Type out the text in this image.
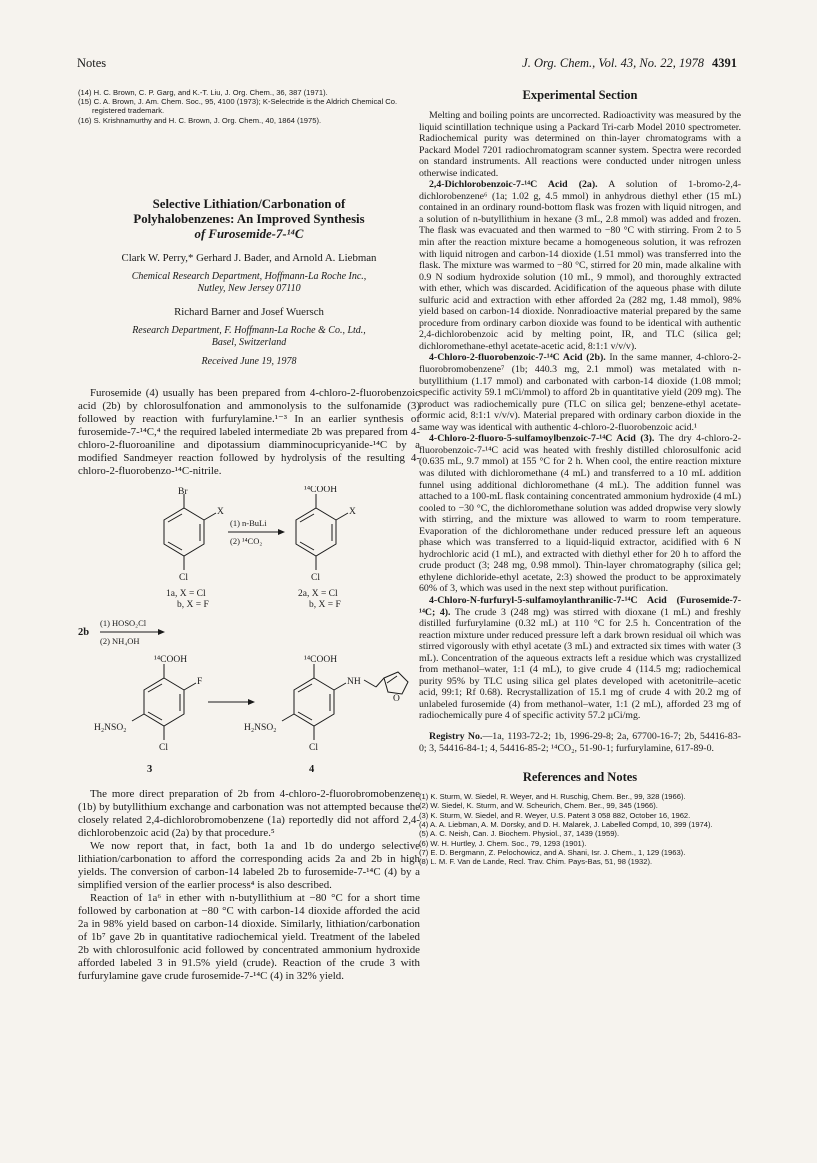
Notes	J. Org. Chem., Vol. 43, No. 22, 1978 4391
(14) H. C. Brown, C. P. Garg, and K.-T. Liu, J. Org. Chem., 36, 387 (1971).
(15) C. A. Brown, J. Am. Chem. Soc., 95, 4100 (1973); K-Selectride is the Aldrich Chemical Co. registered trademark.
(16) S. Krishnamurthy and H. C. Brown, J. Org. Chem., 40, 1864 (1975).
Selective Lithiation/Carbonation of
Polyhalobenzenes: An Improved Synthesis
of Furosemide-7-¹⁴C
Clark W. Perry,* Gerhard J. Bader, and Arnold A. Liebman
Chemical Research Department, Hoffmann-La Roche Inc.,
Nutley, New Jersey 07110
Richard Barner and Josef Wuersch
Research Department, F. Hoffmann-La Roche & Co., Ltd.,
Basel, Switzerland
Received June 19, 1978

Furosemide (4) usually has been prepared from 4-chloro-2-fluorobenzoic acid (2b) by chlorosulfonation and ammonolysis to the sulfonamide (3) followed by reaction with furfurylamine.¹⁻³ In an earlier synthesis of furosemide-7-¹⁴C,⁴ the required labeled intermediate 2b was prepared from 4-chloro-2-fluoroaniline and dipotassium diamminocupricyanide-¹⁴C by a modified Sandmeyer reaction followed by hydrolysis of the resulting 4-chloro-2-fluorobenzo-¹⁴C-nitrile.

Br
X
Cl
1a, X = Cl
b, X = F
(1) n-BuLi
(2) ¹⁴CO₂
¹⁴COOH
X
Cl
2a, X = Cl
b, X = F
2b
(1) HOSO₂Cl
(2) NH₄OH
¹⁴COOH
F
H₂NSO₂
Cl
3
¹⁴COOH
NH
O
H₂NSO₂
Cl
4

The more direct preparation of 2b from 4-chloro-2-fluorobromobenzene (1b) by butyllithium exchange and carbonation was not attempted because the closely related 2,4-dichlorobromobenzene (1a) reportedly did not afford 2,4-dichlorobenzoic acid (2a) by that procedure.⁵

We now report that, in fact, both 1a and 1b do undergo selective lithiation/carbonation to afford the corresponding acids 2a and 2b in high yields. The conversion of carbon-14 labeled 2b to furosemide-7-¹⁴C (4) by a simplified version of the earlier process⁴ is also described.

Reaction of 1a⁶ in ether with n-butyllithium at −80 °C for a short time followed by carbonation at −80 °C with carbon-14 dioxide afforded the acid 2a in 98% yield based on carbon-14 dioxide. Similarly, lithiation/carbonation of 1b⁷ gave 2b in quantitative radiochemical yield. Treatment of the labeled 2b with chlorosulfonic acid followed by concentrated ammonium hydroxide afforded labeled 3 in 91.5% yield (crude). Reaction of the crude 3 with furfurylamine gave crude furosemide-7-¹⁴C (4) in 32% yield.

Experimental Section

Melting and boiling points are uncorrected. Radioactivity was measured by the liquid scintillation technique using a Packard Tri-carb Model 2010 spectrometer. Radiochemical purity was determined on thin-layer chromatograms with a Packard Model 7201 radiochromatogram scanner system. Spectra were recorded on standard instruments. All reactions were conducted under nitrogen unless otherwise indicated.

2,4-Dichlorobenzoic-7-¹⁴C Acid (2a). A solution of 1-bromo-2,4-dichlorobenzene⁶ (1a; 1.02 g, 4.5 mmol) in anhydrous diethyl ether (15 mL) contained in an ordinary round-bottom flask was frozen with liquid nitrogen, and a solution of n-butyllithium in hexane (3 mL, 2.8 mmol) was added and frozen. The flask was evacuated and then warmed to −80 °C with stirring. From 2 to 5 min after the reaction mixture became a homogeneous solution, it was refrozen with liquid nitrogen and carbon-14 dioxide (1.51 mmol) was transferred into the flask. The mixture was warmed to −80 °C, stirred for 20 min, made alkaline with 0.9 N sodium hydroxide solution (10 mL, 9 mmol), and thoroughly extracted with ether, which was discarded. Acidification of the aqueous phase with dilute sulfuric acid and extraction with ether afforded 2a (282 mg, 1.48 mmol), 98% yield based on carbon-14 dioxide. Nonradioactive material prepared by the same procedure from ordinary carbon dioxide was found to be identical with authentic 2,4-dichlorobenzoic acid by melting point, IR, and TLC (silica gel; dichloromethane-ethyl acetate-acetic acid, 8:1:1 v/v/v).

4-Chloro-2-fluorobenzoic-7-¹⁴C Acid (2b). In the same manner, 4-chloro-2-fluorobromobenzene⁷ (1b; 440.3 mg, 2.1 mmol) was metalated with n-butyllithium (1.17 mmol) and carbonated with carbon-14 dioxide (1.08 mmol; specific activity 59.1 mCi/mmol) to afford 2b in quantitative yield (209 mg). The product was radiochemically pure (TLC on silica gel; benzene-ethyl acetate-formic acid, 8:1:1 v/v/v). Material prepared with ordinary carbon dioxide in the same way was identical with authentic 4-chloro-2-fluorobenzoic acid.¹

4-Chloro-2-fluoro-5-sulfamoylbenzoic-7-¹⁴C Acid (3). The dry 4-chloro-2-fluorobenzoic-7-¹⁴C acid was heated with freshly distilled chlorosulfonic acid (0.635 mL, 9.7 mmol) at 155 °C for 2 h. When cool, the entire reaction mixture was diluted with dichloromethane (4 mL) and transferred to a 10 mL addition funnel using additional dichloromethane (4 mL). The addition funnel was attached to a 100-mL flask containing concentrated ammonium hydroxide (4 mL) cooled to −30 °C, the dichloromethane solution was added dropwise very slowly with stirring, and the mixture was allowed to warm to room temperature. Evaporation of the dichloromethane under reduced pressure left an aqueous phase which was transferred to a liquid-liquid extractor, acidified with 6 N hydrochloric acid (1 mL), and extracted with diethyl ether for 20 h to afford the crude product (3; 248 mg, 0.98 mmol). Thin-layer chromatography (silica gel; ethylene dichloride-ethyl acetate, 2:3) showed the product to be approximately 60% of 3, which was used in the next step without purification.

4-Chloro-N-furfuryl-5-sulfamoylanthranilic-7-¹⁴C Acid (Furosemide-7-¹⁴C; 4). The crude 3 (248 mg) was stirred with dioxane (1 mL) and freshly distilled furfurylamine (0.32 mL) at 110 °C for 2.5 h. Concentration of the reaction mixture under reduced pressure left a dark brown residual oil which was stirred vigorously with ethyl acetate (3 mL) and extracted six times with water (3 mL). Concentration of the aqueous extracts left a residue which was crystallized from methanol–water, 1:1 (4 mL), to give crude 4 (114.5 mg; radiochemical purity 95% by TLC using silica gel plates developed with acetonitrile–acetic acid, 99:1; Rf 0.68). Recrystallization of 15.1 mg of crude 4 with 20.2 mg of unlabeled furosemide (4) from methanol–water, 1:1 (2 mL), afforded 23 mg of radiochemically pure 4 of specific activity 57.2 µCi/mg.

Registry No.—1a, 1193-72-2; 1b, 1996-29-8; 2a, 67700-16-7; 2b, 54416-83-0; 3, 54416-84-1; 4, 54416-85-2; ¹⁴CO₂, 51-90-1; furfurylamine, 617-89-0.

References and Notes
(1) K. Sturm, W. Siedel, R. Weyer, and H. Ruschig, Chem. Ber., 99, 328 (1966).
(2) W. Siedel, K. Sturm, and W. Scheurich, Chem. Ber., 99, 345 (1966).
(3) K. Sturm, W. Siedel, and R. Weyer, U.S. Patent 3 058 882, October 16, 1962.
(4) A. A. Liebman, A. M. Dorsky, and D. H. Malarek, J. Labelled Compd, 10, 399 (1974).
(5) A. C. Neish, Can. J. Biochem. Physiol., 37, 1439 (1959).
(6) W. H. Hurtley, J. Chem. Soc., 79, 1293 (1901).
(7) E. D. Bergmann, Z. Pelochowicz, and A. Shani, Isr. J. Chem., 1, 129 (1963).
(8) L. M. F. Van de Lande, Recl. Trav. Chim. Pays-Bas, 51, 98 (1932).
